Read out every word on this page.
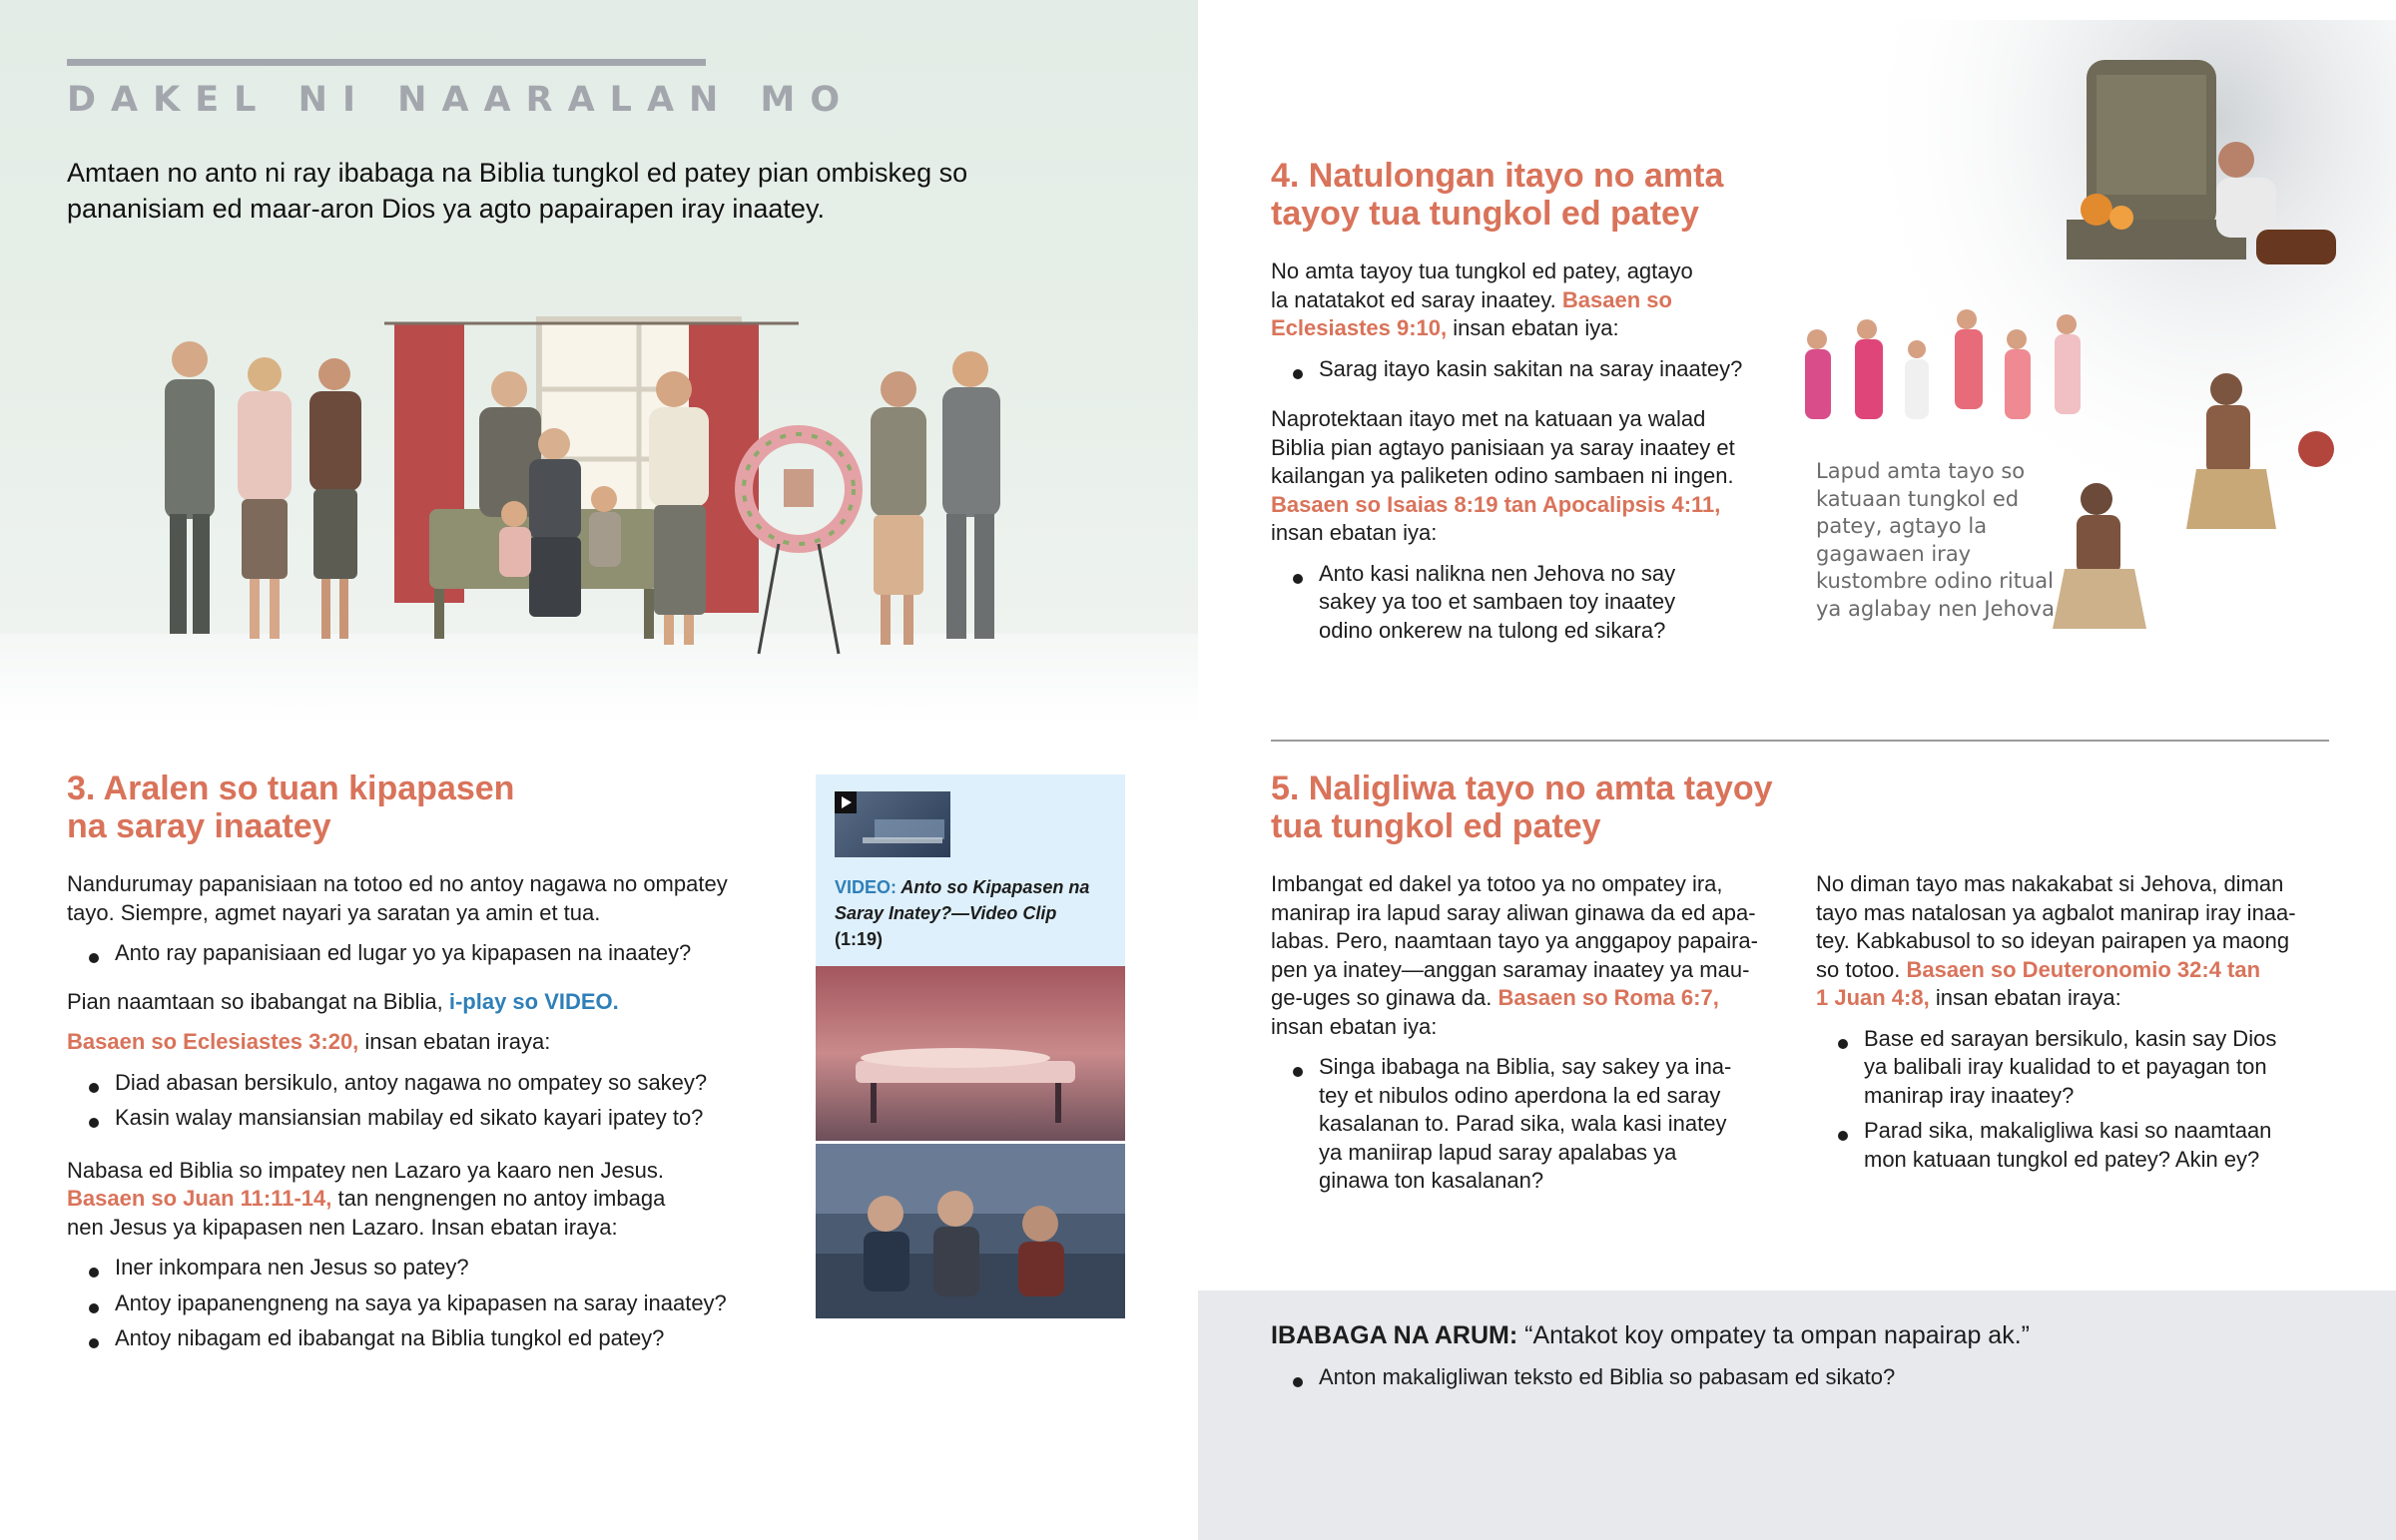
DAKEL NI NAARALAN MO

Amtaen no anto ni ray ibabaga na Biblia tungkol ed patey pian ombiskeg so pananisiam ed maar-aron Dios ya agto papairapen iray inaatey.

3. Aralen so tuan kipapasen
na saray inaatey

Nandurumay papanisiaan na totoo ed no antoy nagawa no ompatey tayo. Siempre, agmet nayari ya saratan ya amin et tua.

Anto ray papanisiaan ed lugar yo ya kipapasen na inaatey?

Pian naamtaan so ibabangat na Biblia, i-play so VIDEO.

Basaen so Eclesiastes 3:20, insan ebatan iraya:

Diad abasan bersikulo, antoy nagawa no ompatey so sakey?
Kasin walay mansiansian mabilay ed sikato kayari ipatey to?

Nabasa ed Biblia so impatey nen Lazaro ya kaaro nen Jesus.
Basaen so Juan 11:11-14, tan nengnengen no antoy imbaga
nen Jesus ya kipapasen nen Lazaro. Insan ebatan iraya:

Iner inkompara nen Jesus so patey?
Antoy ipapanengneng na saya ya kipapasen na saray inaatey?
Antoy nibagam ed ibabangat na Biblia tungkol ed patey?
VIDEO: Anto so Kipapasen na Saray Inatey?—Video Clip
(1:19)
4. Natulongan itayo no amta
tayoy tua tungkol ed patey

No amta tayoy tua tungkol ed patey, agtayo
la natatakot ed saray inaatey. Basaen so
Eclesiastes 9:10, insan ebatan iya:

Sarag itayo kasin sakitan na saray inaatey?

Naprotektaan itayo met na katuaan ya walad
Biblia pian agtayo panisiaan ya saray inaatey et
kailangan ya paliketen odino sambaen ni ingen.
Basaen so Isaias 8:19 tan Apocalipsis 4:11,
insan ebatan iya:

Anto kasi nalikna nen Jehova no say
sakey ya too et sambaen toy inaatey
odino onkerew na tulong ed sikara?
Lapud amta tayo so katuaan tungkol ed patey, agtayo la gagawaen iray kustombre odino ritual ya aglabay nen Jehova
5. Naligliwa tayo no amta tayoy
tua tungkol ed patey

Imbangat ed dakel ya totoo ya no ompatey ira,
manirap ira lapud saray aliwan ginawa da ed apa-
labas. Pero, naamtaan tayo ya anggapoy papaira-
pen ya inatey—anggan saramay inaatey ya mau-
ge-uges so ginawa da. Basaen so Roma 6:7,
insan ebatan iya:

Singa ibabaga na Biblia, say sakey ya ina-
tey et nibulos odino aperdona la ed saray
kasalanan to. Parad sika, wala kasi inatey
ya maniirap lapud saray apalabas ya
ginawa ton kasalanan?

No diman tayo mas nakakabat si Jehova, diman
tayo mas natalosan ya agbalot manirap iray inaa-
tey. Kabkabusol to so ideyan pairapen ya maong
so totoo. Basaen so Deuteronomio 32:4 tan
1 Juan 4:8, insan ebatan iraya:

Base ed sarayan bersikulo, kasin say Dios
ya balibali iray kualidad to et payagan ton
manirap iray inaatey?
Parad sika, makaligliwa kasi so naamtaan
mon katuaan tungkol ed patey? Akin ey?
IBABAGA NA ARUM: “Antakot koy ompatey ta ompan napairap ak.”
Anton makaligliwan teksto ed Biblia so pabasam ed sikato?
